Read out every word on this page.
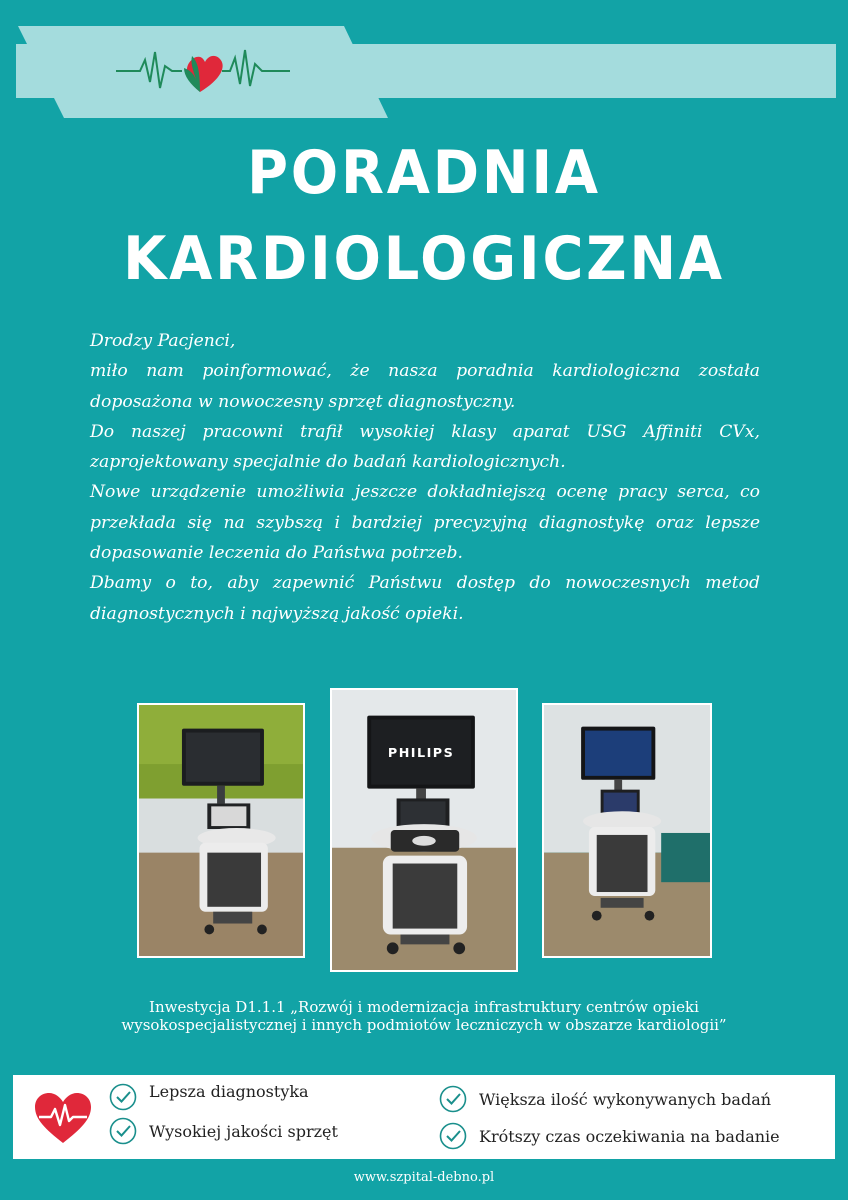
PORADNIA
KARDIOLOGICZNA

Drodzy Pacjenci,

miło nam poinformować, że nasza poradnia kardiologiczna została doposażona w nowoczesny sprzęt diagnostyczny.

Do naszej pracowni trafił wysokiej klasy aparat USG Affiniti CVx, zaprojektowany specjalnie do badań kardiologicznych.

Nowe urządzenie umożliwia jeszcze dokładniejszą ocenę pracy serca, co przekłada się na szybszą i bardziej precyzyjną diagnostykę oraz lepsze dopasowanie leczenia do Państwa potrzeb.

Dbamy o to, aby zapewnić Państwu dostęp do nowoczesnych metod diagnostycznych i najwyższą jakość opieki.

PHILIPS
Inwestycja D1.1.1 „Rozwój i modernizacja infrastruktury centrów opieki
wysokospecjalistycznej i innych podmiotów leczniczych w obszarze kardiologii”
Lepsza diagnostyka
Wysokiej jakości sprzęt
Większa ilość wykonywanych badań
Krótszy czas oczekiwania na badanie
www.szpital-debno.pl
